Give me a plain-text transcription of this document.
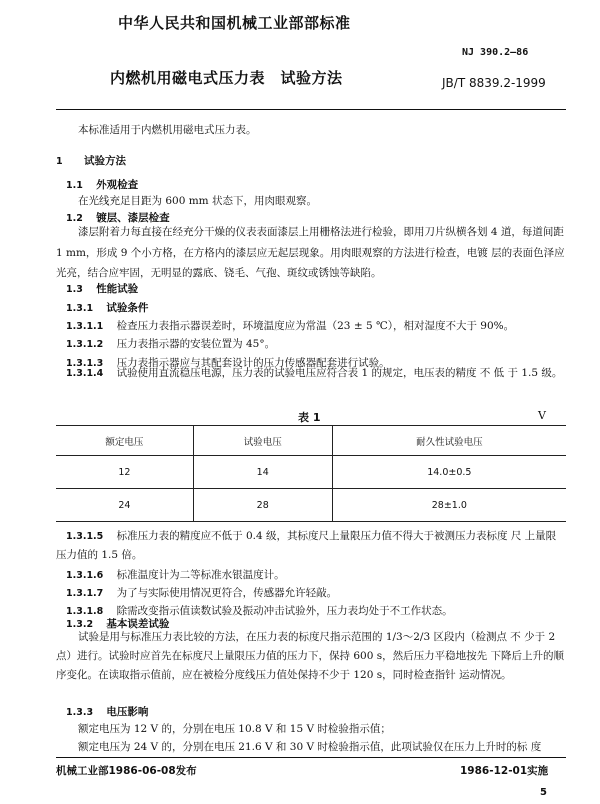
中华人民共和国机械工业部部标准
NJ 390.2—86
内燃机用磁电式压力表　试验方法	JB/T 8839.2-1999
本标准适用于内燃机用磁电式压力表。
1 试验方法
1.1 外观检查
在光线充足目距为 600 mm 状态下，用肉眼观察。
1.2 镀层、漆层检查
漆层附着力每直接在经充分干燥的仪表表面漆层上用栅格法进行检验，即用刀片纵横各划 4 道，每道间距 1 mm，形成 9 个小方格，在方格内的漆层应无起层现象。用肉眼观察的方法进行检查，电镀 层的表面色泽应光亮，结合应牢固，无明显的露底、铙毛、气孢、斑纹或锈蚀等缺陷。
1.3 性能试验
1.3.1 试验条件
1.3.1.1 检查压力表指示器误差时，环境温度应为常温（23 ± 5 ℃），相对湿度不大于 90%。
1.3.1.2 压力表指示器的安装位置为 45°。
1.3.1.3 压力表指示器应与其配套设计的压力传感器配套进行试验。
1.3.1.4 试验使用直流稳压电源，压力表的试验电压应符合表 1 的规定，电压表的精度 不 低 于 1.5 级。
表 1	V
额定电压	试验电压	耐久性试验电压
12	14	14.0±0.5
24	28	28±1.0
1.3.1.5 标准压力表的精度应不低于 0.4 级，其标度尺上量限压力值不得大于被测压力表标度 尺 上量限压力值的 1.5 倍。
1.3.1.6 标准温度计为二等标准水银温度计。
1.3.1.7 为了与实际使用情况更符合，传感器允许轻敲。
1.3.1.8 除需改变指示值读数试验及振动冲击试验外，压力表均处于不工作状态。
1.3.2 基本误差试验
试验是用与标准压力表比较的方法，在压力表的标度尺指示范围的 1/3～2/3 区段内（检测点 不 少于 2 点）进行。试验时应首先在标度尺上量限压力值的压力下，保持 600 s，然后压力平稳地按先 下降后上升的顺序变化。在读取指示值前，应在被检分度线压力值处保持不少于 120 s，同时检查指针 运动情况。
1.3.3 电压影响
额定电压为 12 V 的，分别在电压 10.8 V 和 15 V 时检验指示值；
额定电压为 24 V 的，分别在电压 21.6 V 和 30 V 时检验指示值，此项试验仅在压力上升时的标 度
机械工业部1986-06-08发布	1986-12-01实施
5
